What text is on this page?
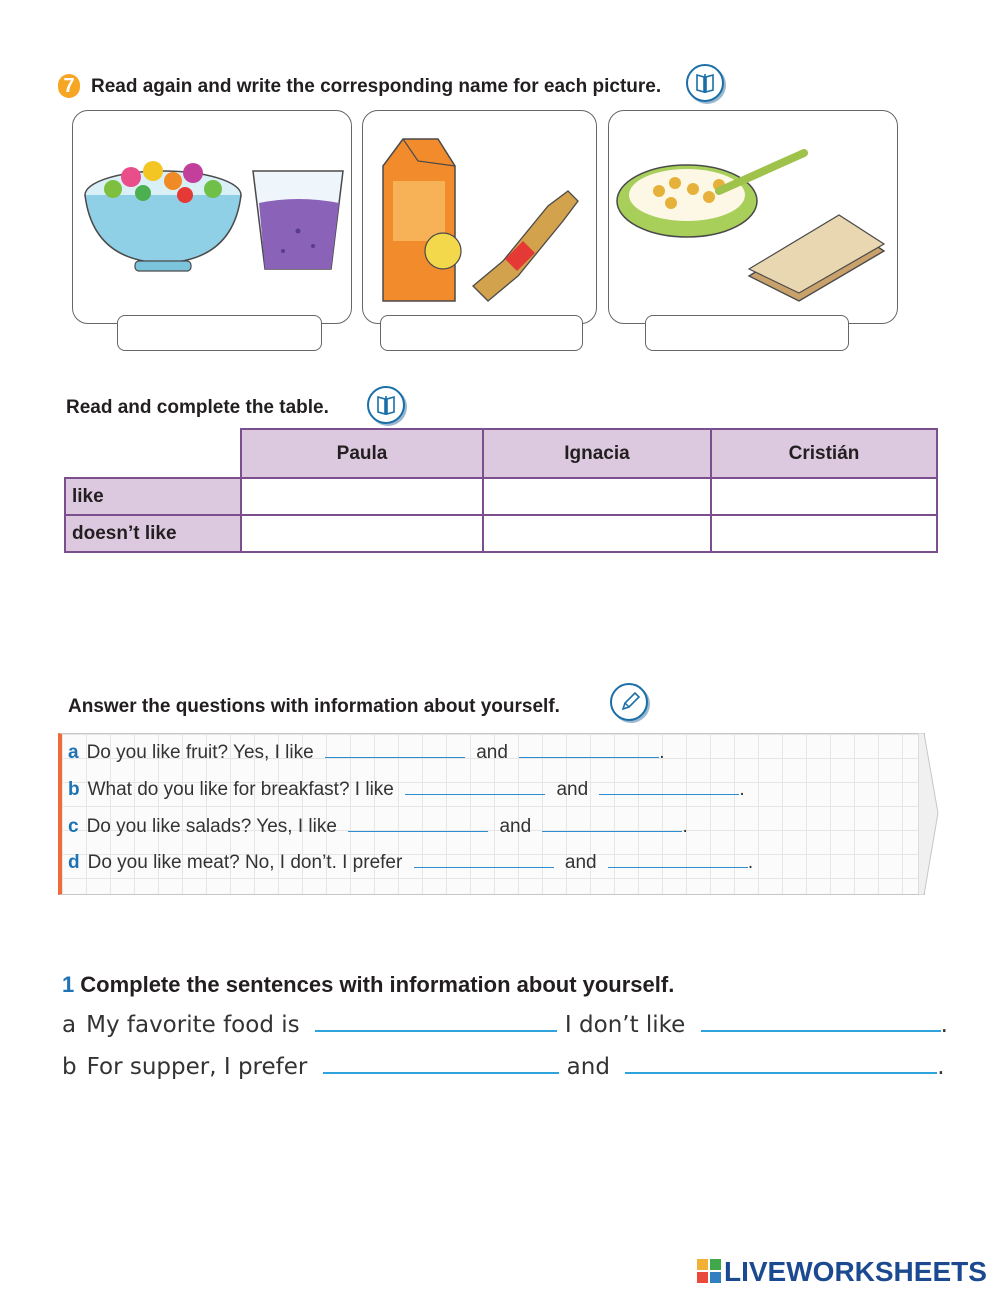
7 Read again and write the corresponding name for each picture.
Read and complete the table.
	Paula	Ignacia	Cristián
like			
doesn’t like			
Answer the questions with information about yourself.
a Do you like fruit? Yes, I like	and	.
b What do you like for breakfast? I like	and	.
c Do you like salads? Yes, I like	and	.
d Do you like meat? No, I don’t. I prefer	and	.
1 Complete the sentences with information about yourself.
a My favorite food is	I don’t like	.
b For supper, I prefer	and	.
LIVEWORKSHEETS
